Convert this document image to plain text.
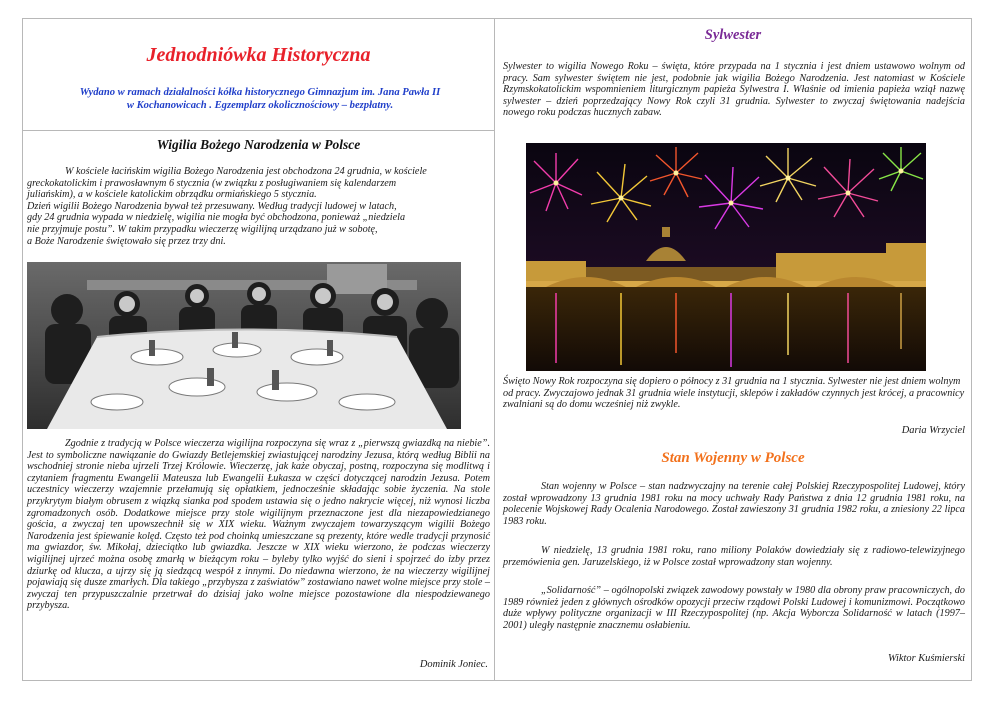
Jednodniówka Historyczna
Wydano w ramach działalności kółka historycznego Gimnazjum im. Jana Pawła II
w Kochanowicach . Egzemplarz okolicznościowy – bezpłatny.
Wigilia Bożego Narodzenia w Polsce
W kościele łacińskim wigilia Bożego Narodzenia jest obchodzona 24 grudnia, w kościele
greckokatolickim i prawosławnym 6 stycznia (w związku z posługiwaniem się kalendarzem
juliańskim), a w kościele katolickim obrządku ormiańskiego 5 stycznia.
Dzień wigilii Bożego Narodzenia bywał też przesuwany. Według tradycji ludowej w latach,
gdy 24 grudnia wypada w niedzielę, wigilia nie mogła być obchodzona, ponieważ „niedziela
nie przyjmuje postu”. W takim przypadku wieczerzę wigilijną urządzano już w sobotę,
a Boże Narodzenie świętowało się przez trzy dni.
Zgodnie z tradycją w Polsce wieczerza wigilijna rozpoczyna się wraz z „pierwszą gwiazdką na niebie”. Jest to symboliczne nawiązanie do Gwiazdy Betlejemskiej zwiastującej narodziny Jezusa, którą według Biblii na wschodniej stronie nieba ujrzeli Trzej Królowie. Wieczerzę, jak każe obyczaj, postną, rozpoczyna się modlitwą i czytaniem fragmentu Ewangelii Mateusza lub Ewangelii Łukasza w części dotyczącej narodzin Jezusa. Potem uczestnicy wieczerzy wzajemnie przełamują się opłatkiem, jednocześnie składając sobie życzenia. Na stole przykrytym białym obrusem z wiązką sianka pod spodem ustawia się o jedno nakrycie więcej, niż wynosi liczba zgromadzonych osób. Dodatkowe miejsce przy stole wigilijnym przeznaczone jest dla niezapowiedzianego gościa, a zwyczaj ten upowszechnił się w XIX wieku. Ważnym zwyczajem towarzyszącym wigilii Bożego Narodzenia jest śpiewanie kolęd. Często też pod choinką umieszczane są prezenty, które wedle tradycji przynosić ma gwiazdor, św. Mikołaj, dzieciątko lub gwiazdka. Jeszcze w XIX wieku wierzono, że podczas wieczerzy wigilijnej ujrzeć można osobę zmarłą w bieżącym roku – byleby tylko wyjść do sieni i spojrzeć do izby przez dziurkę od klucza, a ujrzy się ją siedzącą wespół z innymi. Do niedawna wierzono, że na wieczerzy wigilijnej pojawiają się dusze zmarłych. Dla takiego „przybysza z zaświatów” zostawiano nawet wolne miejsce przy stole – zwyczaj ten przypuszczalnie przetrwał do dzisiaj jako wolne miejsce pozostawione dla niespodziewanego przybysza.
Dominik Joniec.
Sylwester
Sylwester to wigilia Nowego Roku – święta, które przypada na 1 stycznia i jest dniem ustawowo wolnym od pracy. Sam sylwester świętem nie jest, podobnie jak wigilia Bożego Narodzenia. Jest natomiast w Kościele Rzymskokatolickim wspomnieniem liturgicznym papieża Sylwestra I. Właśnie od imienia papieża wziął nazwę sylwester – dzień poprzedzający Nowy Rok czyli 31 grudnia. Sylwester to zwyczaj świętowania nadejścia nowego roku podczas hucznych zabaw.
Święto Nowy Rok rozpoczyna się dopiero o północy z 31 grudnia na 1 stycznia. Sylwester nie jest dniem wolnym od pracy. Zwyczajowo jednak 31 grudnia wiele instytucji, sklepów i zakładów czynnych jest krócej, a pracownicy zwalniani są do domu wcześniej niż zwykle.
Daria Wrzyciel
Stan Wojenny w Polsce
Stan wojenny w Polsce – stan nadzwyczajny na terenie całej Polskiej Rzeczypospolitej Ludowej, który został wprowadzony 13 grudnia 1981 roku na mocy uchwały Rady Państwa z dnia 12 grudnia 1981 roku, na polecenie Wojskowej Rady Ocalenia Narodowego. Został zawieszony 31 grudnia 1982 roku, a zniesiony 22 lipca 1983 roku.
W niedzielę, 13 grudnia 1981 roku, rano miliony Polaków dowiedziały się z radiowo-telewizyjnego przemówienia gen. Jaruzelskiego, iż w Polsce został wprowadzony stan wojenny.
„Solidarność” – ogólnopolski związek zawodowy powstały w 1980 dla obrony praw pracowniczych, do 1989 również jeden z głównych ośrodków opozycji przeciw rządowi Polski Ludowej i komunizmowi. Początkowo duże wpływy polityczne organizacji w III Rzeczypospolitej (np. Akcja Wyborcza Solidarność w latach (1997–2001) uległy następnie znacznemu osłabieniu.
Wiktor Kuśmierski
